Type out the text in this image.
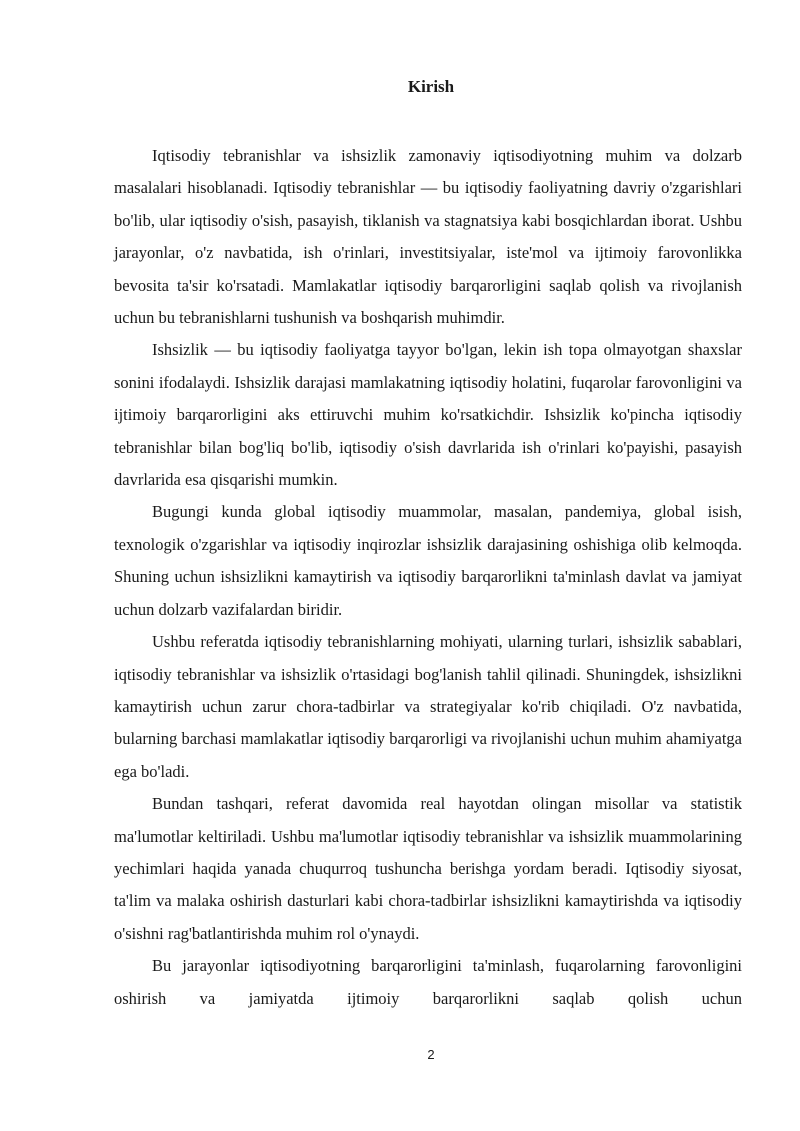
Kirish

Iqtisodiy tebranishlar va ishsizlik zamonaviy iqtisodiyotning muhim va dolzarb masalalari hisoblanadi. Iqtisodiy tebranishlar — bu iqtisodiy faoliyatning davriy o'zgarishlari bo'lib, ular iqtisodiy o'sish, pasayish, tiklanish va stagnatsiya kabi bosqichlardan iborat. Ushbu jarayonlar, o'z navbatida, ish o'rinlari, investitsiyalar, iste'mol va ijtimoiy farovonlikka bevosita ta'sir ko'rsatadi. Mamlakatlar iqtisodiy barqarorligini saqlab qolish va rivojlanish uchun bu tebranishlarni tushunish va boshqarish muhimdir.

Ishsizlik — bu iqtisodiy faoliyatga tayyor bo'lgan, lekin ish topa olmayotgan shaxslar sonini ifodalaydi. Ishsizlik darajasi mamlakatning iqtisodiy holatini, fuqarolar farovonligini va ijtimoiy barqarorligini aks ettiruvchi muhim ko'rsatkichdir. Ishsizlik ko'pincha iqtisodiy tebranishlar bilan bog'liq bo'lib, iqtisodiy o'sish davrlarida ish o'rinlari ko'payishi, pasayish davrlarida esa qisqarishi mumkin.

Bugungi kunda global iqtisodiy muammolar, masalan, pandemiya, global isish, texnologik o'zgarishlar va iqtisodiy inqirozlar ishsizlik darajasining oshishiga olib kelmoqda. Shuning uchun ishsizlikni kamaytirish va iqtisodiy barqarorlikni ta'minlash davlat va jamiyat uchun dolzarb vazifalardan biridir.

Ushbu referatda iqtisodiy tebranishlarning mohiyati, ularning turlari, ishsizlik sabablari, iqtisodiy tebranishlar va ishsizlik o'rtasidagi bog'lanish tahlil qilinadi. Shuningdek, ishsizlikni kamaytirish uchun zarur chora-tadbirlar va strategiyalar ko'rib chiqiladi. O'z navbatida, bularning barchasi mamlakatlar iqtisodiy barqarorligi va rivojlanishi uchun muhim ahamiyatga ega bo'ladi.

Bundan tashqari, referat davomida real hayotdan olingan misollar va statistik ma'lumotlar keltiriladi. Ushbu ma'lumotlar iqtisodiy tebranishlar va ishsizlik muammolarining yechimlari haqida yanada chuqurroq tushuncha berishga yordam beradi. Iqtisodiy siyosat, ta'lim va malaka oshirish dasturlari kabi chora-tadbirlar ishsizlikni kamaytirishda va iqtisodiy o'sishni rag'batlantirishda muhim rol o'ynaydi.

Bu jarayonlar iqtisodiyotning barqarorligini ta'minlash, fuqarolarning farovonligini oshirish va jamiyatda ijtimoiy barqarorlikni saqlab qolish uchun

2
